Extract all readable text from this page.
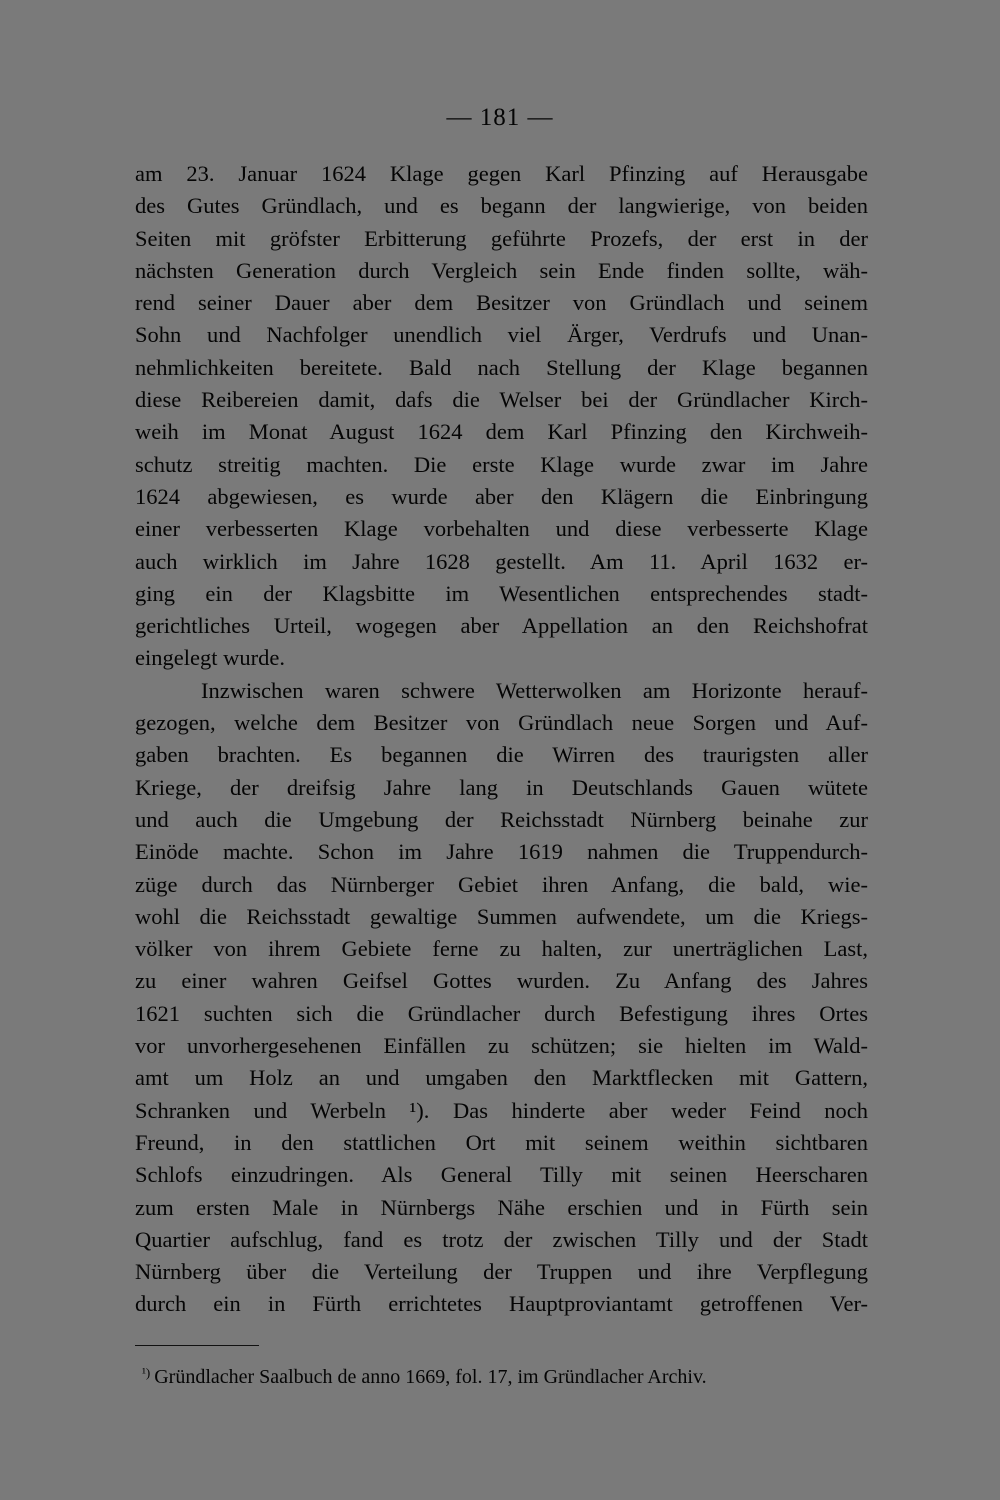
— 181 —
am 23. Januar 1624 Klage gegen Karl Pfinzing auf Herausgabe
des Gutes Gründlach, und es begann der langwierige, von beiden
Seiten mit gröfster Erbitterung geführte Prozefs, der erst in der
nächsten Generation durch Vergleich sein Ende finden sollte, wäh-
rend seiner Dauer aber dem Besitzer von Gründlach und seinem
Sohn und Nachfolger unendlich viel Ärger, Verdrufs und Unan-
nehmlichkeiten bereitete. Bald nach Stellung der Klage begannen
diese Reibereien damit, dafs die Welser bei der Gründlacher Kirch-
weih im Monat August 1624 dem Karl Pfinzing den Kirchweih-
schutz streitig machten. Die erste Klage wurde zwar im Jahre
1624 abgewiesen, es wurde aber den Klägern die Einbringung
einer verbesserten Klage vorbehalten und diese verbesserte Klage
auch wirklich im Jahre 1628 gestellt. Am 11. April 1632 er-
ging ein der Klagsbitte im Wesentlichen entsprechendes stadt-
gerichtliches Urteil, wogegen aber Appellation an den Reichshofrat
eingelegt wurde.
Inzwischen waren schwere Wetterwolken am Horizonte herauf-
gezogen, welche dem Besitzer von Gründlach neue Sorgen und Auf-
gaben brachten. Es begannen die Wirren des traurigsten aller
Kriege, der dreifsig Jahre lang in Deutschlands Gauen wütete
und auch die Umgebung der Reichsstadt Nürnberg beinahe zur
Einöde machte. Schon im Jahre 1619 nahmen die Truppendurch-
züge durch das Nürnberger Gebiet ihren Anfang, die bald, wie-
wohl die Reichsstadt gewaltige Summen aufwendete, um die Kriegs-
völker von ihrem Gebiete ferne zu halten, zur unerträglichen Last,
zu einer wahren Geifsel Gottes wurden. Zu Anfang des Jahres
1621 suchten sich die Gründlacher durch Befestigung ihres Ortes
vor unvorhergesehenen Einfällen zu schützen; sie hielten im Wald-
amt um Holz an und umgaben den Marktflecken mit Gattern,
Schranken und Werbeln ¹). Das hinderte aber weder Feind noch
Freund, in den stattlichen Ort mit seinem weithin sichtbaren
Schlofs einzudringen. Als General Tilly mit seinen Heerscharen
zum ersten Male in Nürnbergs Nähe erschien und in Fürth sein
Quartier aufschlug, fand es trotz der zwischen Tilly und der Stadt
Nürnberg über die Verteilung der Truppen und ihre Verpflegung
durch ein in Fürth errichtetes Hauptproviantamt getroffenen Ver-
$^{^1)}$ Gründlacher Saalbuch de anno 1669, fol. 17, im Gründlacher Archiv.
